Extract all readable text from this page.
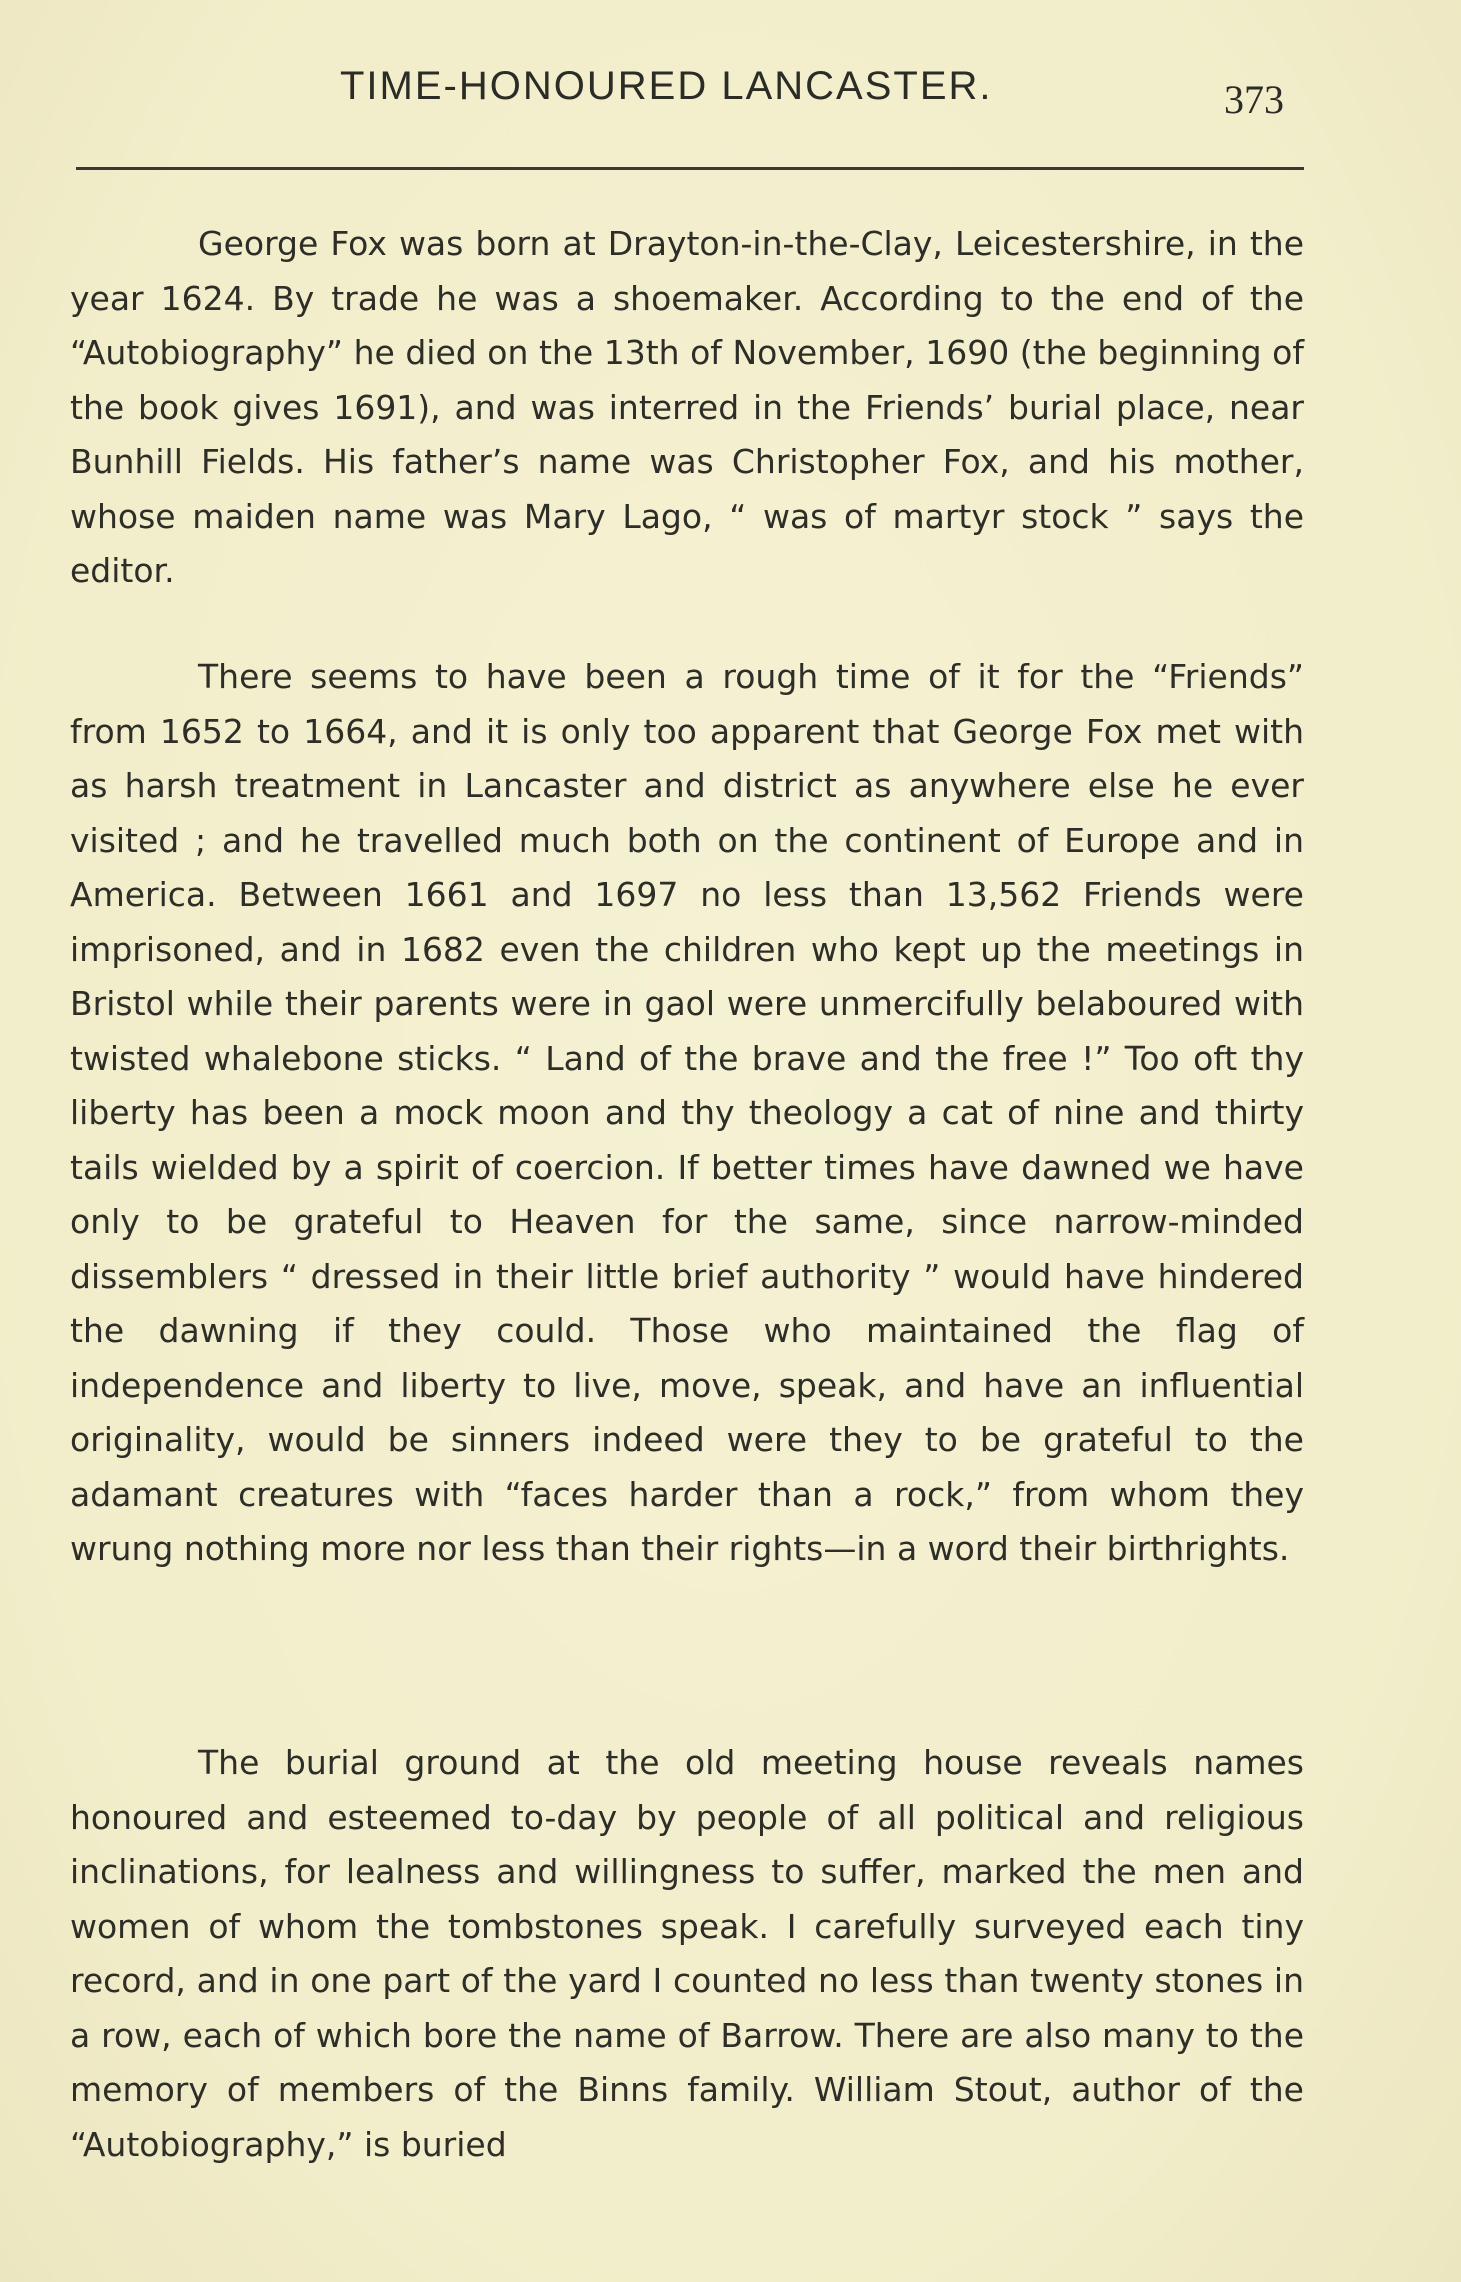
TIME-HONOURED LANCASTER.	373

George Fox was born at Drayton-in-the-Clay, Leicestershire, in the year 1624. By trade he was a shoemaker. According to the end of the “Autobiography” he died on the 13th of November, 1690 (the beginning of the book gives 1691), and was interred in the Friends’ burial place, near Bunhill Fields. His father’s name was Christopher Fox, and his mother, whose maiden name was Mary Lago, “ was of martyr stock ” says the editor.

There seems to have been a rough time of it for the “Friends” from 1652 to 1664, and it is only too apparent that George Fox met with as harsh treatment in Lancaster and district as anywhere else he ever visited ; and he travelled much both on the continent of Europe and in America. Between 1661 and 1697 no less than 13,562 Friends were imprisoned, and in 1682 even the children who kept up the meetings in Bristol while their parents were in gaol were unmercifully belaboured with twisted whalebone sticks. “ Land of the brave and the free !” Too oft thy liberty has been a mock moon and thy theology a cat of nine and thirty tails wielded by a spirit of coercion. If better times have dawned we have only to be grateful to Heaven for the same, since narrow-minded dissemblers “ dressed in their little brief authority ” would have hindered the dawning if they could. Those who maintained the flag of independence and liberty to live, move, speak, and have an influential originality, would be sinners indeed were they to be grateful to the adamant creatures with “faces harder than a rock,” from whom they wrung nothing more nor less than their rights—in a word their birthrights.

The burial ground at the old meeting house reveals names honoured and esteemed to-day by people of all political and religious inclinations, for lealness and willingness to suffer, marked the men and women of whom the tombstones speak. I carefully surveyed each tiny record, and in one part of the yard I counted no less than twenty stones in a row, each of which bore the name of Barrow. There are also many to the memory of members of the Binns family. William Stout, author of the “Autobiography,” is buried
